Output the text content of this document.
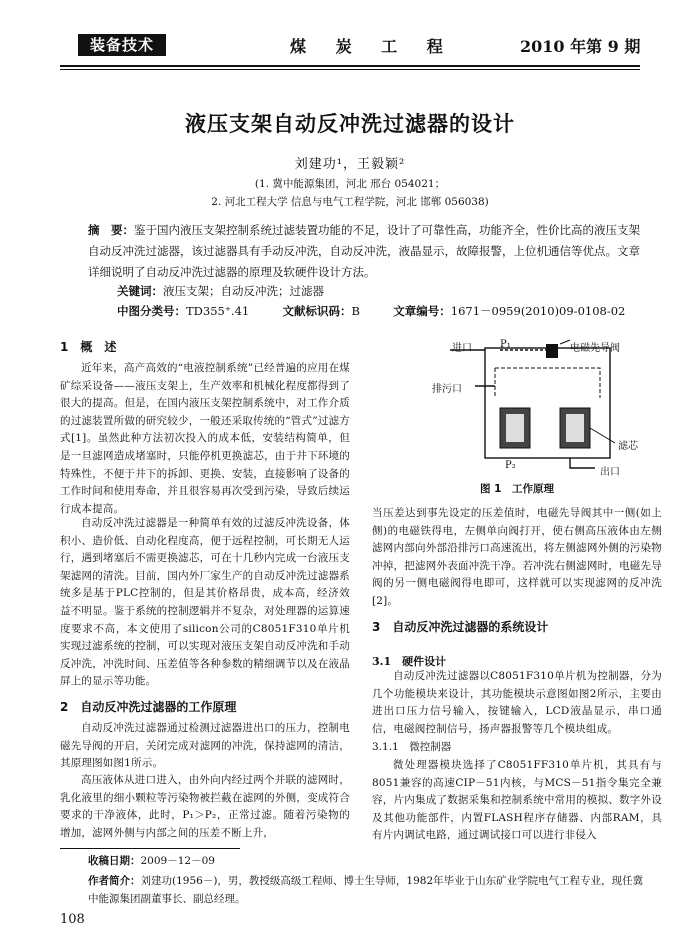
装备技术	煤 炭 工 程	2010 年第 9 期
液压支架自动反冲洗过滤器的设计
刘建功¹，王毅颖²
(1. 冀中能源集团，河北 邢台 054021；
2. 河北工程大学 信息与电气工程学院，河北 邯郸 056038)
摘　要：鉴于国内液压支架控制系统过滤装置功能的不足，设计了可靠性高，功能齐全，性价比高的液压支架自动反冲洗过滤器，该过滤器具有手动反冲洗，自动反冲洗，液晶显示，故障报警，上位机通信等优点。文章详细说明了自动反冲洗过滤器的原理及软硬件设计方法。
关键词：液压支架；自动反冲洗；过滤器
中图分类号：TD355⁺.41	文献标识码：B	文章编号：1671－0959(2010)09-0108-02
1　概　述
近年来，高产高效的“电液控制系统”已经普遍的应用在煤矿综采设备——液压支架上，生产效率和机械化程度都得到了很大的提高。但是，在国内液压支架控制系统中，对工作介质的过滤装置所做的研究较少，一般还采取传统的“管式”过滤方式[1]。虽然此种方法初次投入的成本低，安装结构简单，但是一旦滤网造成堵塞时，只能停机更换滤芯，由于井下环境的特殊性，不便于井下的拆卸、更换、安装，直接影响了设备的工作时间和使用寿命，并且很容易再次受到污染，导致后续运行成本提高。
自动反冲洗过滤器是一种简单有效的过滤反冲洗设备，体积小、造价低、自动化程度高，便于远程控制，可长期无人运行，遇到堵塞后不需更换滤芯，可在十几秒内完成一台液压支架滤网的清洗。目前，国内外厂家生产的自动反冲洗过滤器系统多是基于PLC控制的，但是其价格昂贵，成本高，经济效益不明显。鉴于系统的控制逻辑并不复杂，对处理器的运算速度要求不高，本文使用了silicon公司的C8051F310单片机实现过滤系统的控制，可以实现对液压支架自动反冲洗和手动反冲洗，冲洗时间、压差值等各种参数的精细调节以及在液晶屏上的显示等功能。
2　自动反冲洗过滤器的工作原理
自动反冲洗过滤器通过检测过滤器进出口的压力，控制电磁先导阀的开启，关闭完成对滤网的冲洗，保持滤网的清洁，其原理图如图1所示。
高压液体从进口进入，由外向内经过两个并联的滤网时，乳化液里的细小颗粒等污染物被拦截在滤网的外侧，变成符合要求的干净液体，此时，P₁＞P₂，正常过滤。随着污染物的增加，滤网外侧与内部之间的压差不断上升，
进口	P₁	电磁先导阀
排污口
滤芯
P₂
出口
图 1　工作原理
当压差达到事先设定的压差值时，电磁先导阀其中一侧(如上侧)的电磁铁得电，左侧单向阀打开，使右侧高压液体由左侧滤网内部向外部沿排污口高速流出，将左侧滤网外侧的污染物冲掉，把滤网外表面冲洗干净。若冲洗右侧滤网时，电磁先导阀的另一侧电磁阀得电即可，这样就可以实现滤网的反冲洗[2]。
3　自动反冲洗过滤器的系统设计
3.1　硬件设计
自动反冲洗过滤器以C8051F310单片机为控制器，分为几个功能模块来设计，其功能模块示意图如图2所示，主要由进出口压力信号输入，按键输入，LCD液晶显示，串口通信，电磁阀控制信号，扬声器报警等几个模块组成。
3.1.1　微控制器
微处理器模块选择了C8051FF310单片机，其具有与8051兼容的高速CIP－51内核，与MCS－51指令集完全兼容，片内集成了数据采集和控制系统中常用的模拟、数字外设及其他功能部件，内置FLASH程序存储器、内部RAM，具有片内调试电路，通过调试接口可以进行非侵入
收稿日期：2009－12－09
作者简介：刘建功(1956－)，男，教授级高级工程师、博士生导师，1982年毕业于山东矿业学院电气工程专业，现任冀中能源集团副董事长、副总经理。
108
